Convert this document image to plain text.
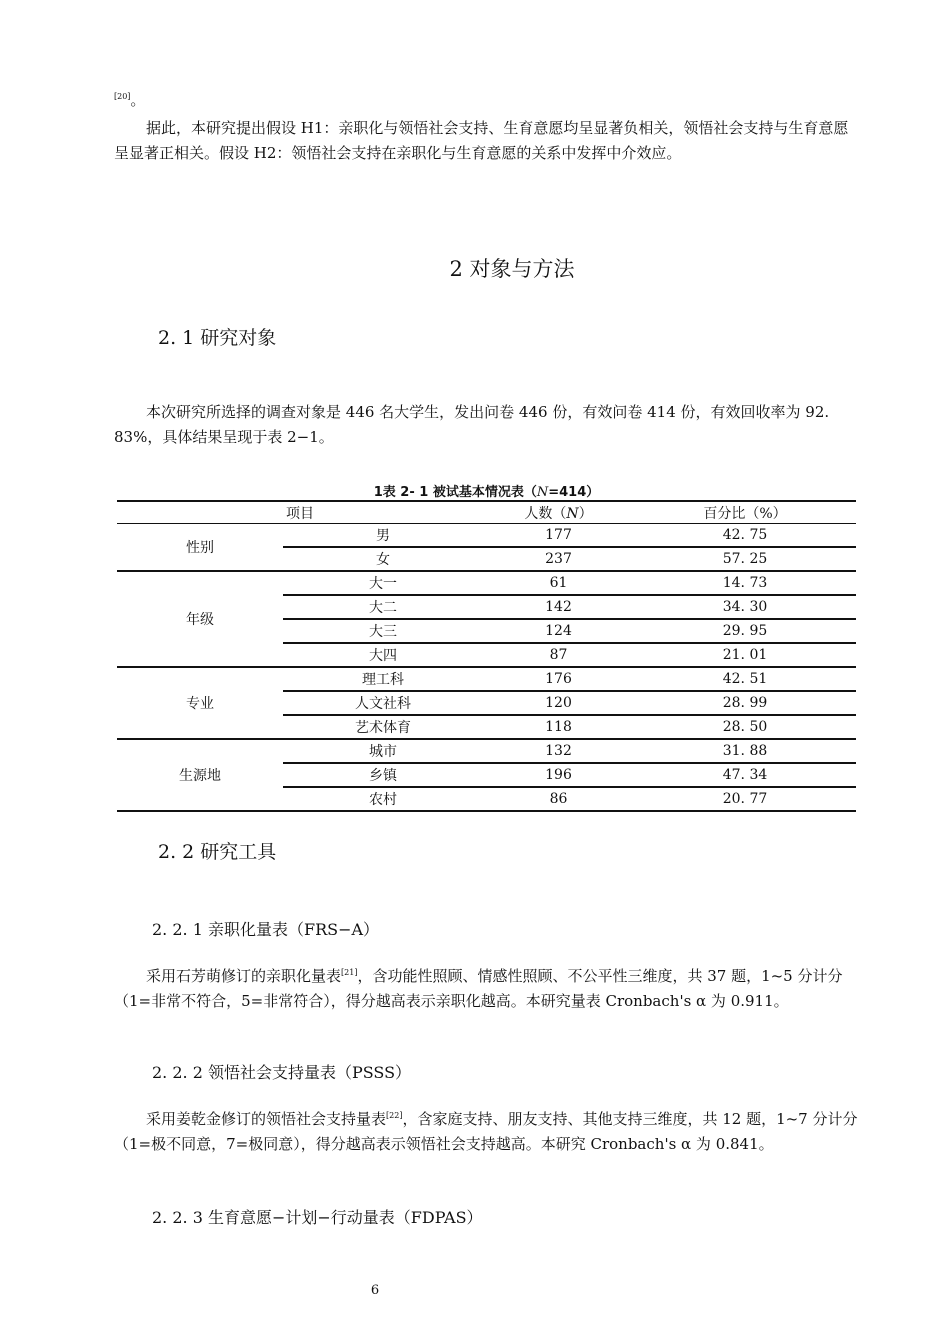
[20]。
据此，本研究提出假设 H1：亲职化与领悟社会支持、生育意愿均呈显著负相关，领悟社会支持与生育意愿呈显著正相关。假设 H2：领悟社会支持在亲职化与生育意愿的关系中发挥中介效应。
2 对象与方法
2. 1 研究对象
本次研究所选择的调查对象是 446 名大学生，发出问卷 446 份，有效问卷 414 份，有效回收率为 92. 83%，具体结果呈现于表 2−1。
1表 2- 1 被试基本情况表（N=414）
项目		人数（N）	百分比（%）
性别	男	177	42. 75
	女	237	57. 25
年级	大一	61	14. 73
	大二	142	34. 30
	大三	124	29. 95
	大四	87	21. 01
专业	理工科	176	42. 51
	人文社科	120	28. 99
	艺术体育	118	28. 50
生源地	城市	132	31. 88
	乡镇	196	47. 34
	农村	86	20. 77
2. 2 研究工具
2. 2. 1 亲职化量表（FRS−A）
采用石芳萌修订的亲职化量表[21]，含功能性照顾、情感性照顾、不公平性三维度，共 37 题，1~5 分计分（1=非常不符合，5=非常符合），得分越高表示亲职化越高。本研究量表 Cronbach's α 为 0.911。
2. 2. 2 领悟社会支持量表（PSSS）
采用姜乾金修订的领悟社会支持量表[22]，含家庭支持、朋友支持、其他支持三维度，共 12 题，1~7 分计分（1=极不同意，7=极同意），得分越高表示领悟社会支持越高。本研究 Cronbach's α 为 0.841。
2. 2. 3 生育意愿−计划−行动量表（FDPAS）
6
